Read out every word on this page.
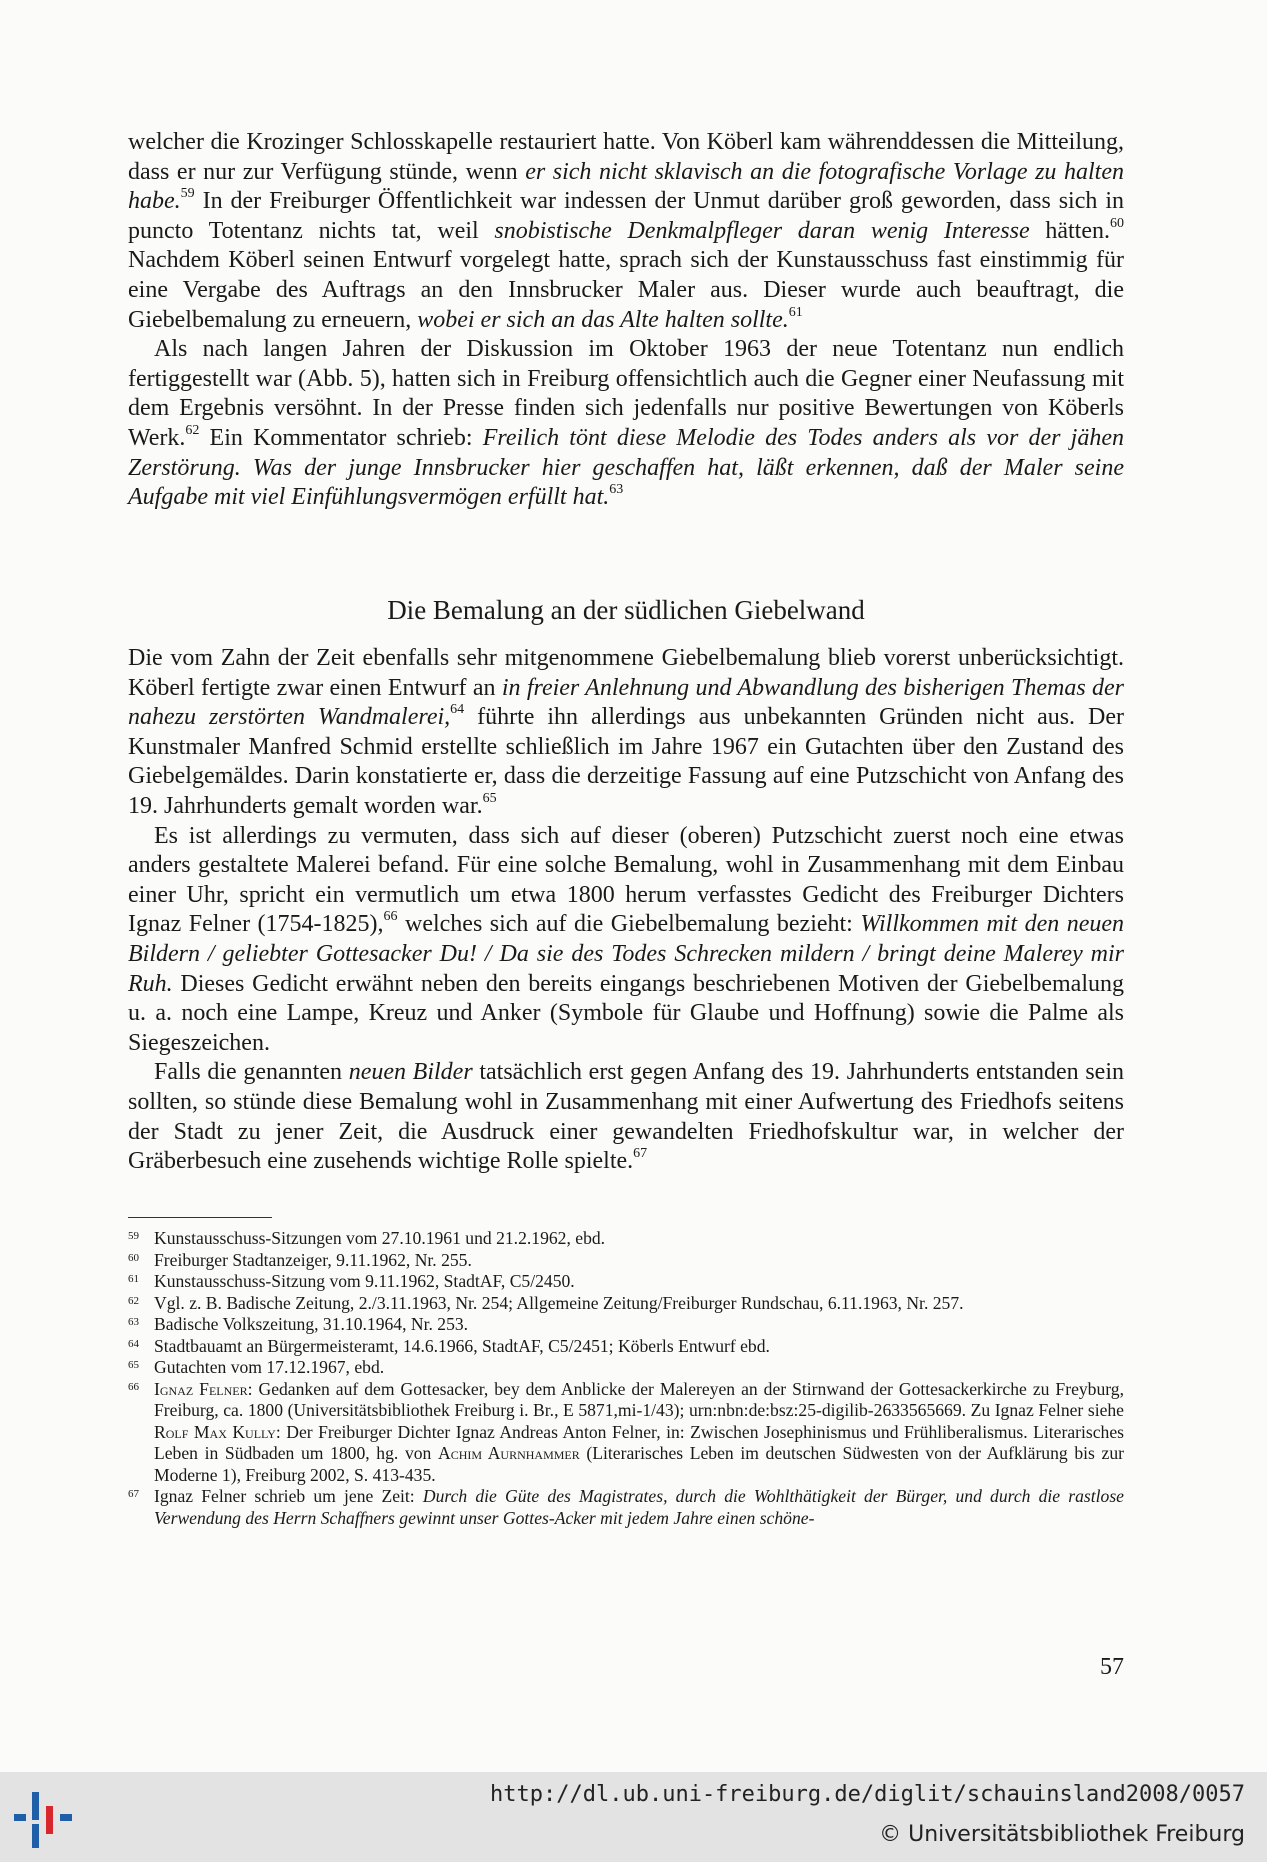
welcher die Krozinger Schlosskapelle restauriert hatte. Von Köberl kam währenddessen die Mitteilung, dass er nur zur Verfügung stünde, wenn er sich nicht sklavisch an die fotografische Vorlage zu halten habe.$^{59}$ In der Freiburger Öffentlichkeit war indessen der Unmut darüber groß geworden, dass sich in puncto Totentanz nichts tat, weil snobistische Denkmalpfleger daran wenig Interesse hätten.$^{60}$ Nachdem Köberl seinen Entwurf vorgelegt hatte, sprach sich der Kunstausschuss fast einstimmig für eine Vergabe des Auftrags an den Innsbrucker Maler aus. Dieser wurde auch beauftragt, die Giebelbemalung zu erneuern, wobei er sich an das Alte halten sollte.$^{61}$

Als nach langen Jahren der Diskussion im Oktober 1963 der neue Totentanz nun endlich fertiggestellt war (Abb. 5), hatten sich in Freiburg offensichtlich auch die Gegner einer Neufassung mit dem Ergebnis versöhnt. In der Presse finden sich jedenfalls nur positive Bewertungen von Köberls Werk.$^{62}$ Ein Kommentator schrieb: Freilich tönt diese Melodie des Todes anders als vor der jähen Zerstörung. Was der junge Innsbrucker hier geschaffen hat, läßt erkennen, daß der Maler seine Aufgabe mit viel Einfühlungsvermögen erfüllt hat.$^{63}$

Die Bemalung an der südlichen Giebelwand

Die vom Zahn der Zeit ebenfalls sehr mitgenommene Giebelbemalung blieb vorerst unberücksichtigt. Köberl fertigte zwar einen Entwurf an in freier Anlehnung und Abwandlung des bisherigen Themas der nahezu zerstörten Wandmalerei,$^{64}$ führte ihn allerdings aus unbekannten Gründen nicht aus. Der Kunstmaler Manfred Schmid erstellte schließlich im Jahre 1967 ein Gutachten über den Zustand des Giebelgemäldes. Darin konstatierte er, dass die derzeitige Fassung auf eine Putzschicht von Anfang des 19. Jahrhunderts gemalt worden war.$^{65}$

Es ist allerdings zu vermuten, dass sich auf dieser (oberen) Putzschicht zuerst noch eine etwas anders gestaltete Malerei befand. Für eine solche Bemalung, wohl in Zusammenhang mit dem Einbau einer Uhr, spricht ein vermutlich um etwa 1800 herum verfasstes Gedicht des Freiburger Dichters Ignaz Felner (1754-1825),$^{66}$ welches sich auf die Giebelbemalung bezieht: Willkommen mit den neuen Bildern / geliebter Gottesacker Du! / Da sie des Todes Schrecken mildern / bringt deine Malerey mir Ruh. Dieses Gedicht erwähnt neben den bereits eingangs beschriebenen Motiven der Giebelbemalung u. a. noch eine Lampe, Kreuz und Anker (Symbole für Glaube und Hoffnung) sowie die Palme als Siegeszeichen.

Falls die genannten neuen Bilder tatsächlich erst gegen Anfang des 19. Jahrhunderts entstanden sein sollten, so stünde diese Bemalung wohl in Zusammenhang mit einer Aufwertung des Friedhofs seitens der Stadt zu jener Zeit, die Ausdruck einer gewandelten Friedhofskultur war, in welcher der Gräberbesuch eine zusehends wichtige Rolle spielte.$^{67}$

59 Kunstausschuss-Sitzungen vom 27.10.1961 und 21.2.1962, ebd.
60 Freiburger Stadtanzeiger, 9.11.1962, Nr. 255.
61 Kunstausschuss-Sitzung vom 9.11.1962, StadtAF, C5/2450.
62 Vgl. z. B. Badische Zeitung, 2./3.11.1963, Nr. 254; Allgemeine Zeitung/Freiburger Rundschau, 6.11.1963, Nr. 257.
63 Badische Volkszeitung, 31.10.1964, Nr. 253.
64 Stadtbauamt an Bürgermeisteramt, 14.6.1966, StadtAF, C5/2451; Köberls Entwurf ebd.
65 Gutachten vom 17.12.1967, ebd.
66 Ignaz Felner: Gedanken auf dem Gottesacker, bey dem Anblicke der Malereyen an der Stirnwand der Gottesackerkirche zu Freyburg, Freiburg, ca. 1800 (Universitätsbibliothek Freiburg i. Br., E 5871,mi-1/43); urn:nbn:de:bsz:25-digilib-2633565669. Zu Ignaz Felner siehe Rolf Max Kully: Der Freiburger Dichter Ignaz Andreas Anton Felner, in: Zwischen Josephinismus und Frühliberalismus. Literarisches Leben in Südbaden um 1800, hg. von Achim Aurnhammer (Literarisches Leben im deutschen Südwesten von der Aufklärung bis zur Moderne 1), Freiburg 2002, S. 413-435.
67 Ignaz Felner schrieb um jene Zeit: Durch die Güte des Magistrates, durch die Wohlthätigkeit der Bürger, und durch die rastlose Verwendung des Herrn Schaffners gewinnt unser Gottes-Acker mit jedem Jahre einen schöne-
57
http://dl.ub.uni-freiburg.de/diglit/schauinsland2008/0057
© Universitätsbibliothek Freiburg
